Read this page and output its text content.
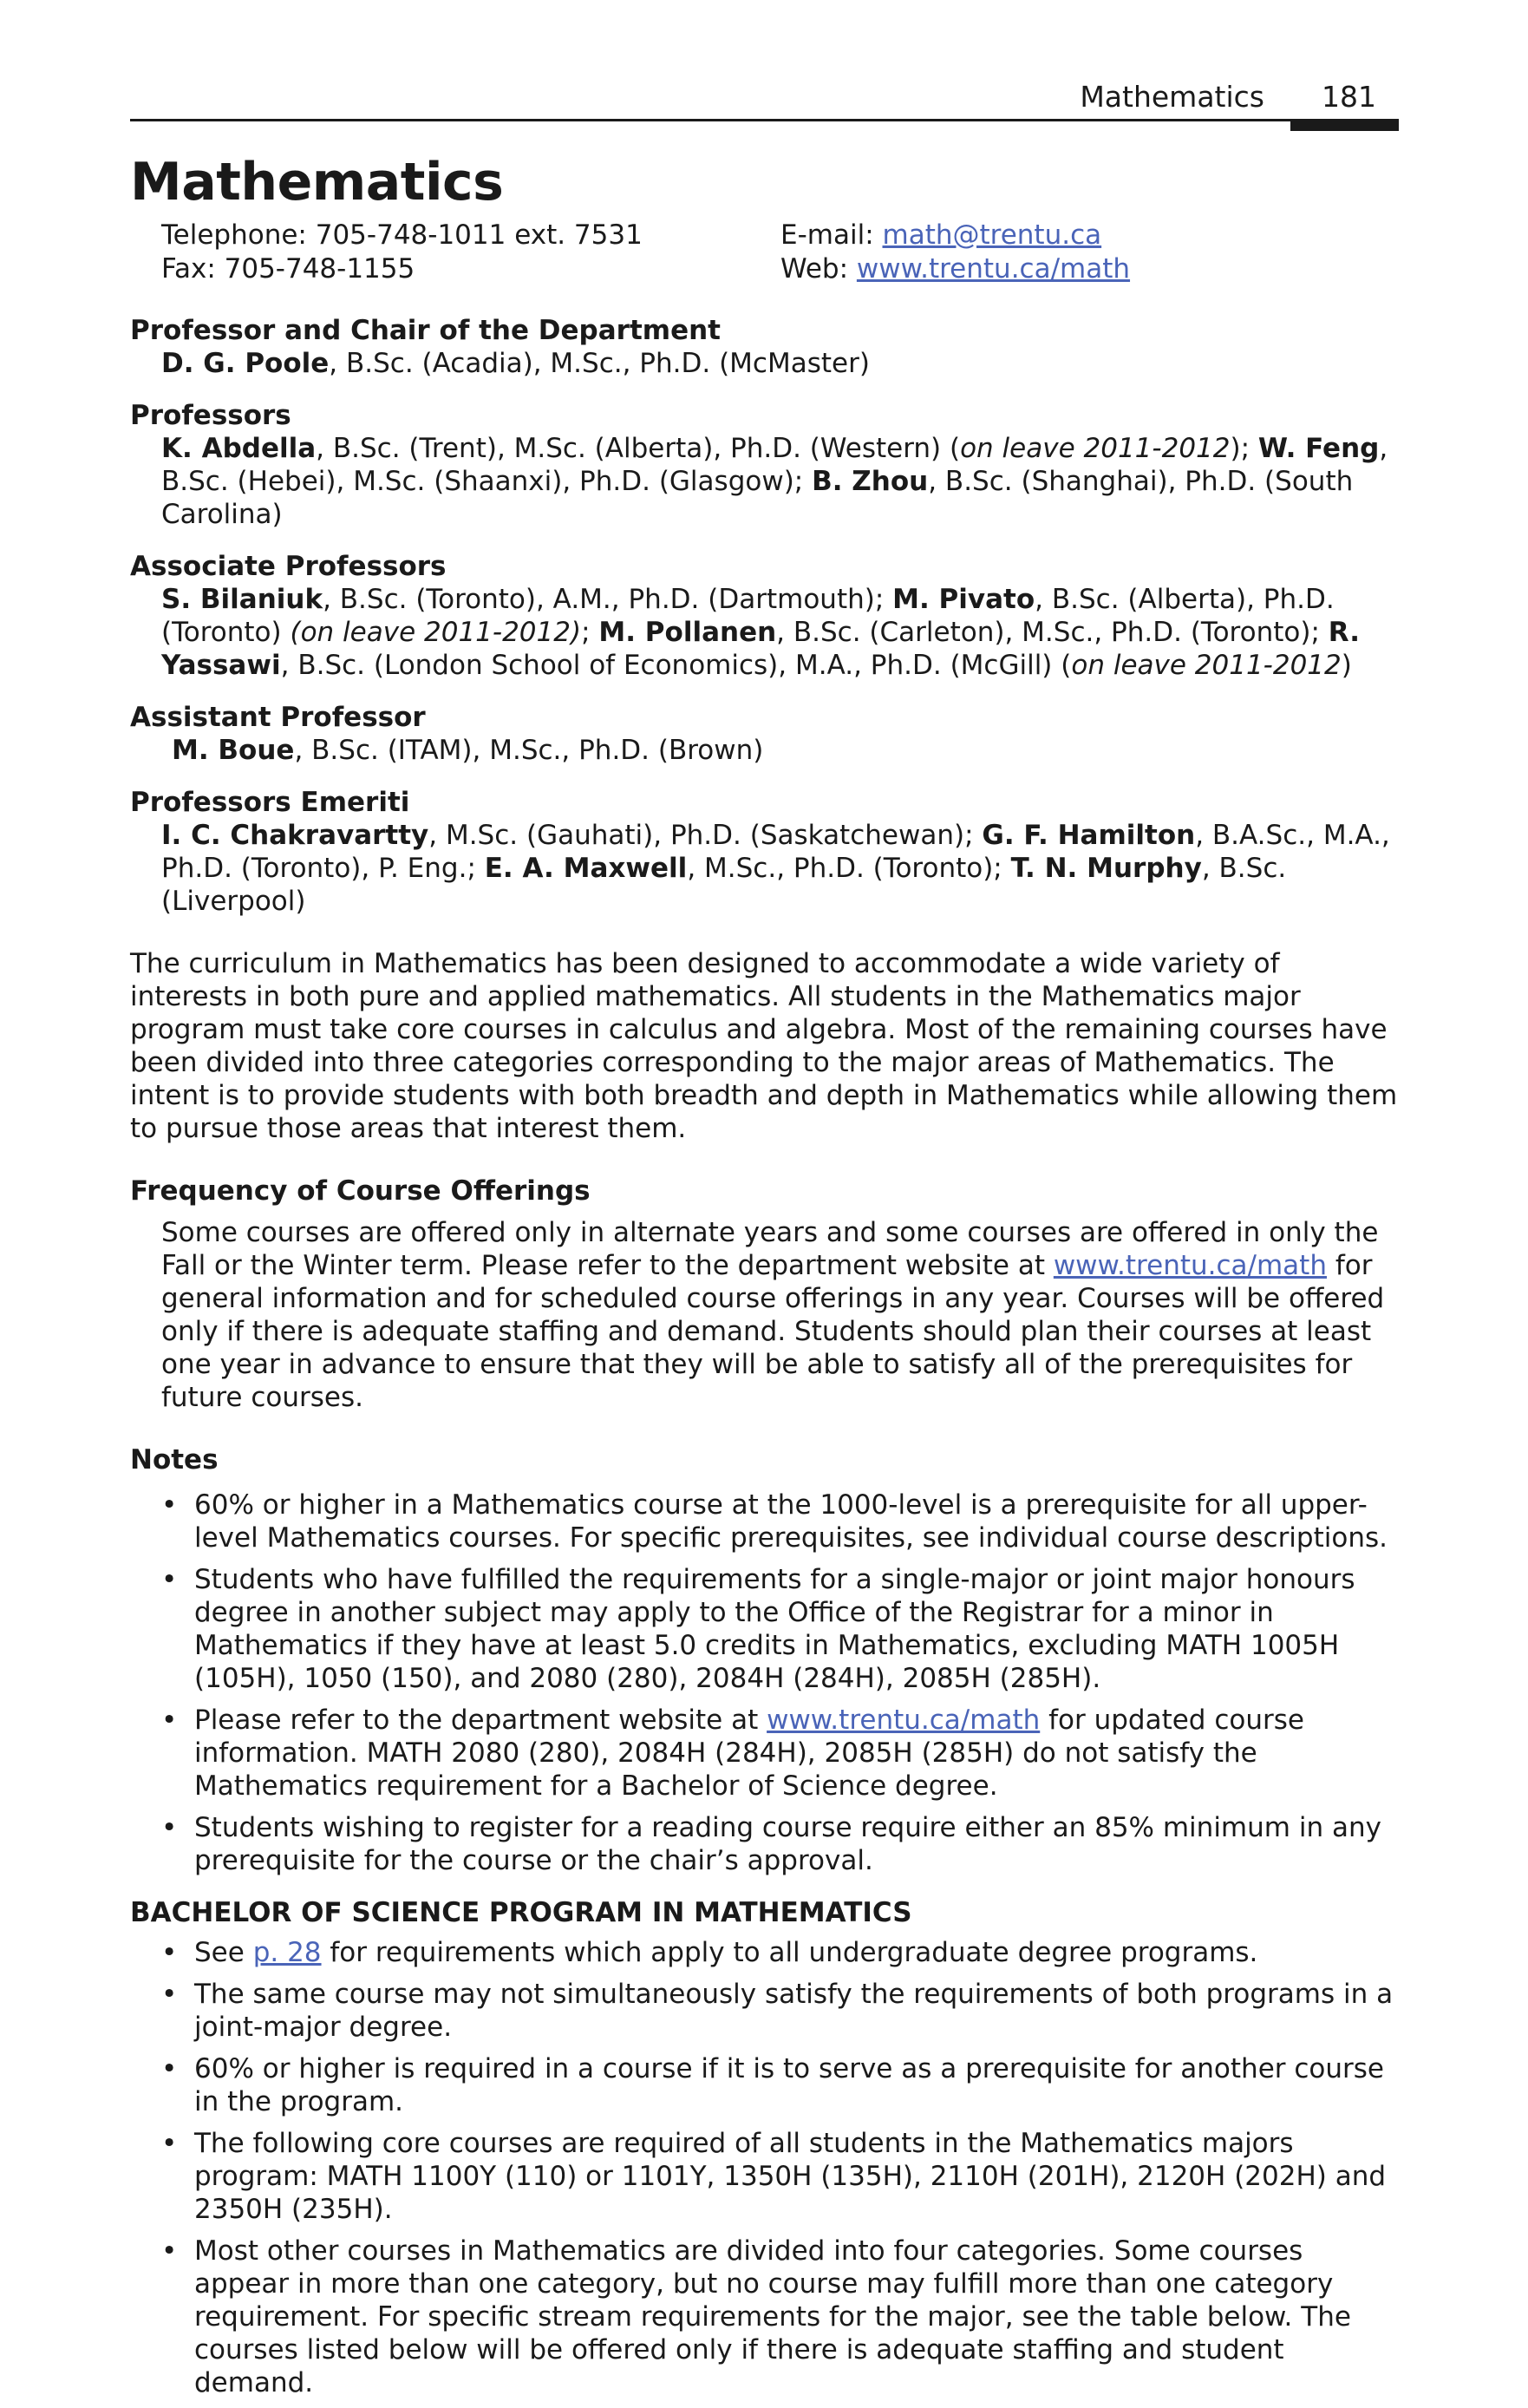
Mathematics 181
Mathematics
Telephone: 705-748-1011 ext. 7531
Fax: 705-748-1155
E-mail: math@trentu.ca
Web: www.trentu.ca/math
Professor and Chair of the Department
D. G. Poole, B.Sc. (Acadia), M.Sc., Ph.D. (McMaster)
Professors
K. Abdella, B.Sc. (Trent), M.Sc. (Alberta), Ph.D. (Western) (on leave 2011-2012); W. Feng, B.Sc. (Hebei), M.Sc. (Shaanxi), Ph.D. (Glasgow); B. Zhou, B.Sc. (Shanghai), Ph.D. (South Carolina)
Associate Professors
S. Bilaniuk, B.Sc. (Toronto), A.M., Ph.D. (Dartmouth); M. Pivato, B.Sc. (Alberta), Ph.D. (Toronto) (on leave 2011-2012); M. Pollanen, B.Sc. (Carleton), M.Sc., Ph.D. (Toronto); R. Yassawi, B.Sc. (London School of Economics), M.A., Ph.D. (McGill) (on leave 2011-2012)
Assistant Professor
M. Boue, B.Sc. (ITAM), M.Sc., Ph.D. (Brown)
Professors Emeriti
I. C. Chakravartty, M.Sc. (Gauhati), Ph.D. (Saskatchewan); G. F. Hamilton, B.A.Sc., M.A., Ph.D. (Toronto), P. Eng.; E. A. Maxwell, M.Sc., Ph.D. (Toronto); T. N. Murphy, B.Sc. (Liverpool)

The curriculum in Mathematics has been designed to accommodate a wide variety of interests in both pure and applied mathematics. All students in the Mathematics major program must take core courses in calculus and algebra. Most of the remaining courses have been divided into three categories corresponding to the major areas of Mathematics. The intent is to provide students with both breadth and depth in Mathematics while allowing them to pursue those areas that interest them.

Frequency of Course Offerings

Some courses are offered only in alternate years and some courses are offered in only the Fall or the Winter term. Please refer to the department website at www.trentu.ca/math for general information and for scheduled course offerings in any year. Courses will be offered only if there is adequate staffing and demand. Students should plan their courses at least one year in advance to ensure that they will be able to satisfy all of the prerequisites for future courses.

Notes
• 60% or higher in a Mathematics course at the 1000-level is a prerequisite for all upper-level Mathematics courses. For specific prerequisites, see individual course descriptions.
• Students who have fulfilled the requirements for a single-major or joint major honours degree in another subject may apply to the Office of the Registrar for a minor in Mathematics if they have at least 5.0 credits in Mathematics, excluding MATH 1005H (105H), 1050 (150), and 2080 (280), 2084H (284H), 2085H (285H).
• Please refer to the department website at www.trentu.ca/math for updated course information. MATH 2080 (280), 2084H (284H), 2085H (285H) do not satisfy the Mathematics requirement for a Bachelor of Science degree.
• Students wishing to register for a reading course require either an 85% minimum in any prerequisite for the course or the chair’s approval.
BACHELOR OF SCIENCE PROGRAM IN MATHEMATICS
• See p. 28 for requirements which apply to all undergraduate degree programs.
• The same course may not simultaneously satisfy the requirements of both programs in a joint-major degree.
• 60% or higher is required in a course if it is to serve as a prerequisite for another course in the program.
• The following core courses are required of all students in the Mathematics majors program: MATH 1100Y (110) or 1101Y, 1350H (135H), 2110H (201H), 2120H (202H) and 2350H (235H).
• Most other courses in Mathematics are divided into four categories. Some courses appear in more than one category, but no course may fulfill more than one category requirement. For specific stream requirements for the major, see the table below. The courses listed below will be offered only if there is adequate staffing and student demand.
